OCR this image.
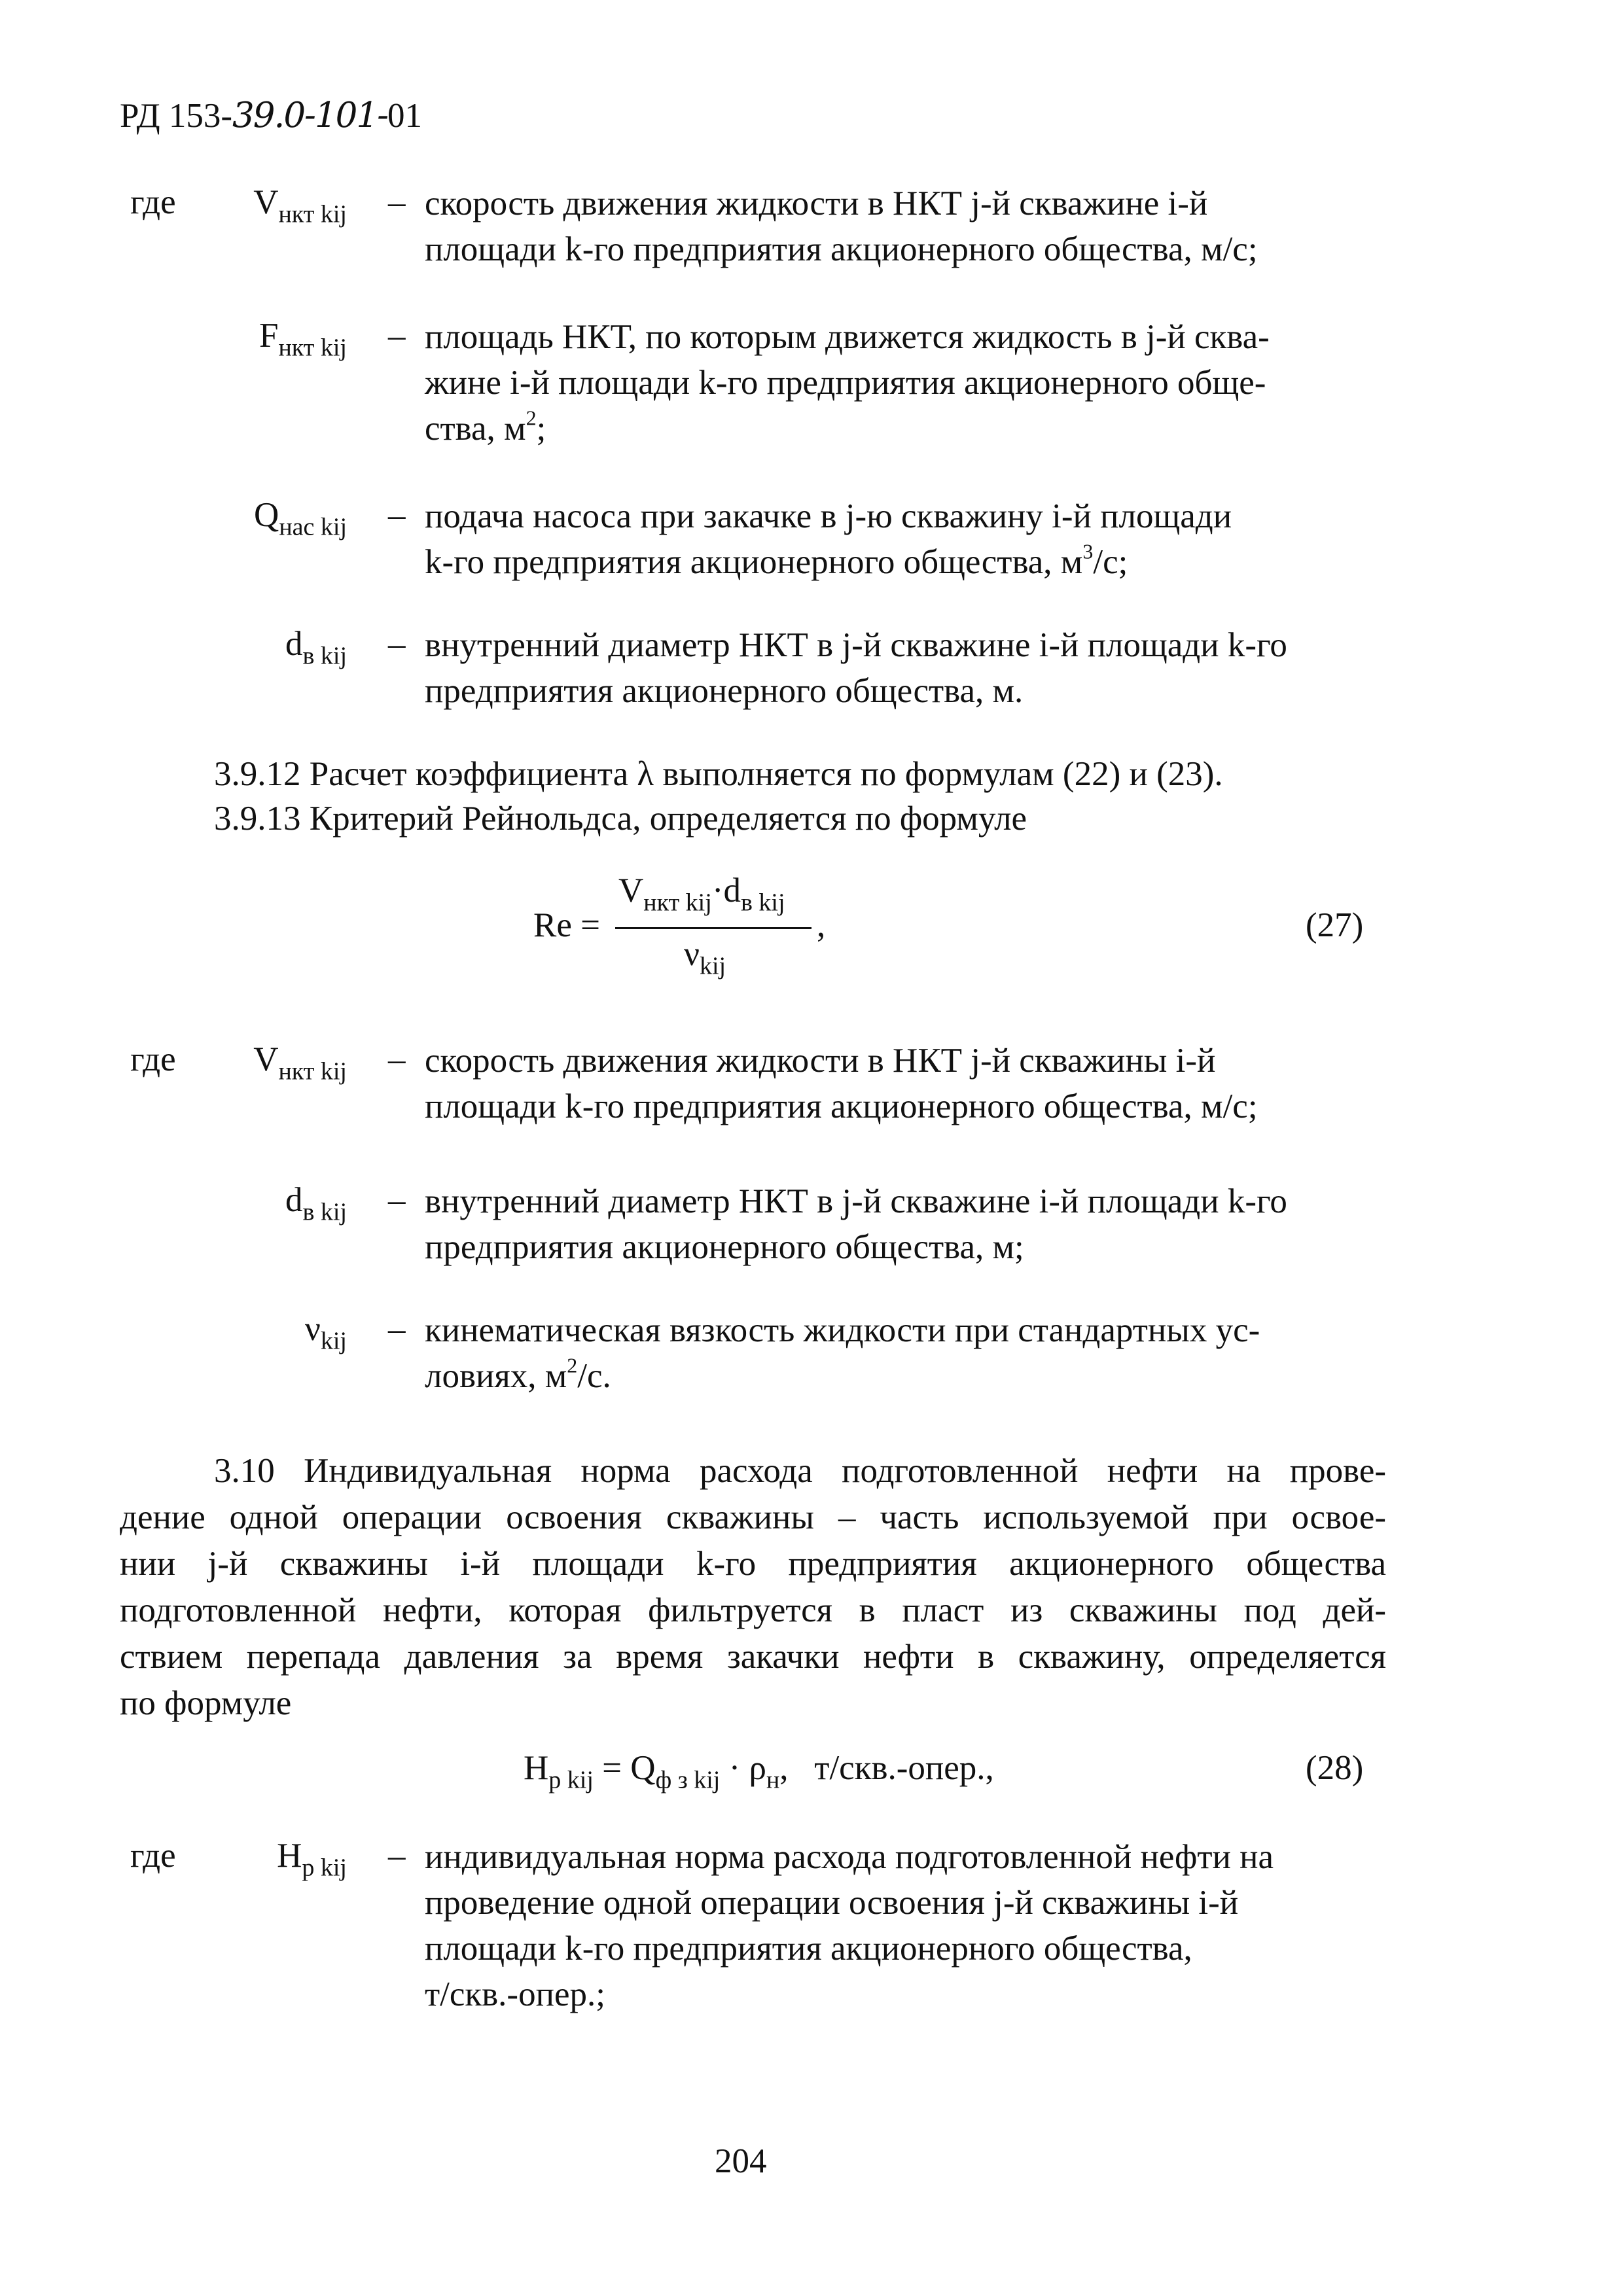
РД 153-39.0-101-01
где $V_{нкт kij}$ – скорость движения жидкости в НКТ j-й скважине i-й
площади k-го предприятия акционерного общества, м/с;
$F_{нкт kij}$ – площадь НКТ, по которым движется жидкость в j-й сква-
жине i-й площади k-го предприятия акционерного обще-
ства, $м^2$;
$Q_{нас kij}$ – подача насоса при закачке в j-ю скважину i-й площади
k-го предприятия акционерного общества, $м^3/с$;
$d_{в kij}$ – внутренний диаметр НКТ в j-й скважине i-й площади k-го
предприятия акционерного общества, м.
3.9.12 Расчет коэффициента λ выполняется по формулам (22) и (23).
3.9.13 Критерий Рейнольдса, определяется по формуле
Re =
$V_{нкт kij}\cdot d_{в kij}$
$\nu_{kij}$
,	(27)
где $V_{нкт kij}$ – скорость движения жидкости в НКТ j-й скважины i-й
площади k-го предприятия акционерного общества, м/с;
$d_{в kij}$ – внутренний диаметр НКТ в j-й скважине i-й площади k-го
предприятия акционерного общества, м;
$\nu_{kij}$ – кинематическая вязкость жидкости при стандартных ус-
ловиях, $м^2/с$.
3.10 Индивидуальная норма расхода подготовленной нефти на прове-
дение одной операции освоения скважины – часть используемой при освое-
нии j-й скважины i-й площади k-го предприятия акционерного общества
подготовленной нефти, которая фильтруется в пласт из скважины под дей-
ствием перепада давления за время закачки нефти в скважину, определяется
по формуле
$H_{р kij} = Q_{ф з kij} \cdot \rho_н$, т/скв.-опер.,	(28)
где	$H_{р kij}$ – индивидуальная норма расхода подготовленной нефти на
проведение одной операции освоения j-й скважины i-й
площади k-го предприятия акционерного общества,
т/скв.-опер.;
204
